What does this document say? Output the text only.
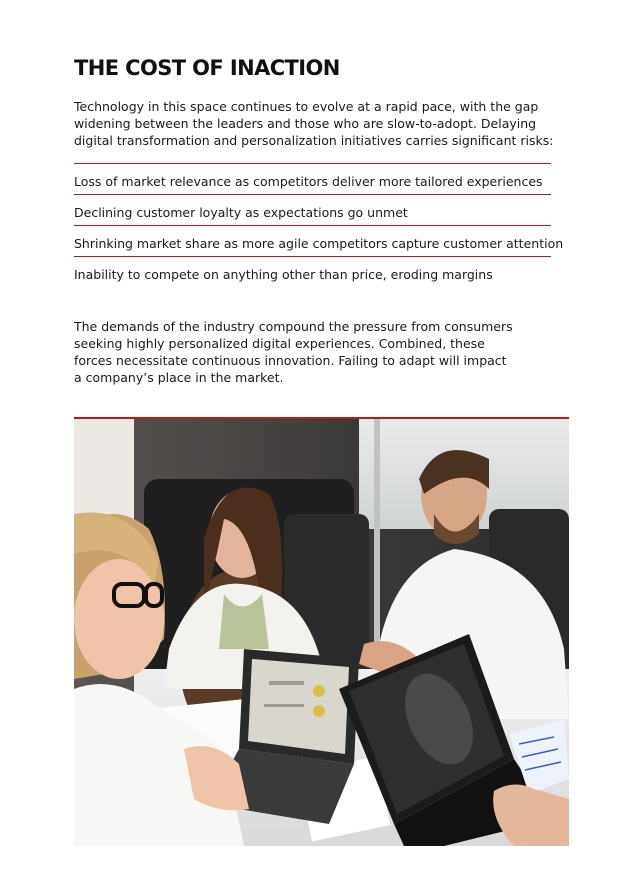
THE COST OF INACTION

Technology in this space continues to evolve at a rapid pace, with the gap widening between the leaders and those who are slow-to-adopt. Delaying digital transformation and personalization initiatives carries significant risks:

Loss of market relevance as competitors deliver more tailored experiences
Declining customer loyalty as expectations go unmet
Shrinking market share as more agile competitors capture customer attention
Inability to compete on anything other than price, eroding margins

The demands of the industry compound the pressure from consumers seeking highly personalized digital experiences. Combined, these forces necessitate continuous innovation. Failing to adapt will impact a company’s place in the market.
